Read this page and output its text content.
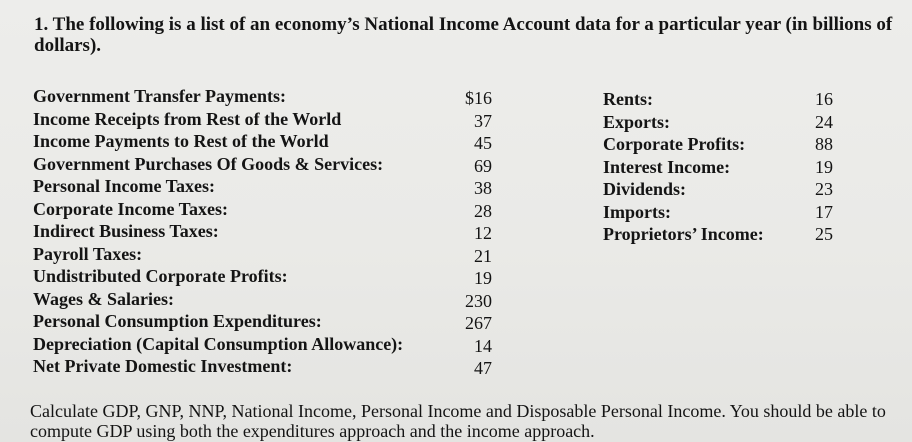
1. The following is a list of an economy’s National Income Account data for a particular year (in billions of dollars).
Government Transfer Payments:
Income Receipts from Rest of the World
Income Payments to Rest of the World
Government Purchases Of Goods & Services:
Personal Income Taxes:
Corporate Income Taxes:
Indirect Business Taxes:
Payroll Taxes:
Undistributed Corporate Profits:
Wages & Salaries:
Personal Consumption Expenditures:
Depreciation (Capital Consumption Allowance):
Net Private Domestic Investment:
$16
37
45
69
38
28
12
21
19
230
267
14
47
Rents:
Exports:
Corporate Profits:
Interest Income:
Dividends:
Imports:
Proprietors’ Income:
16
24
88
19
23
17
25
Calculate GDP, GNP, NNP, National Income, Personal Income and Disposable Personal Income. You should be able to compute GDP using both the expenditures approach and the income approach.
